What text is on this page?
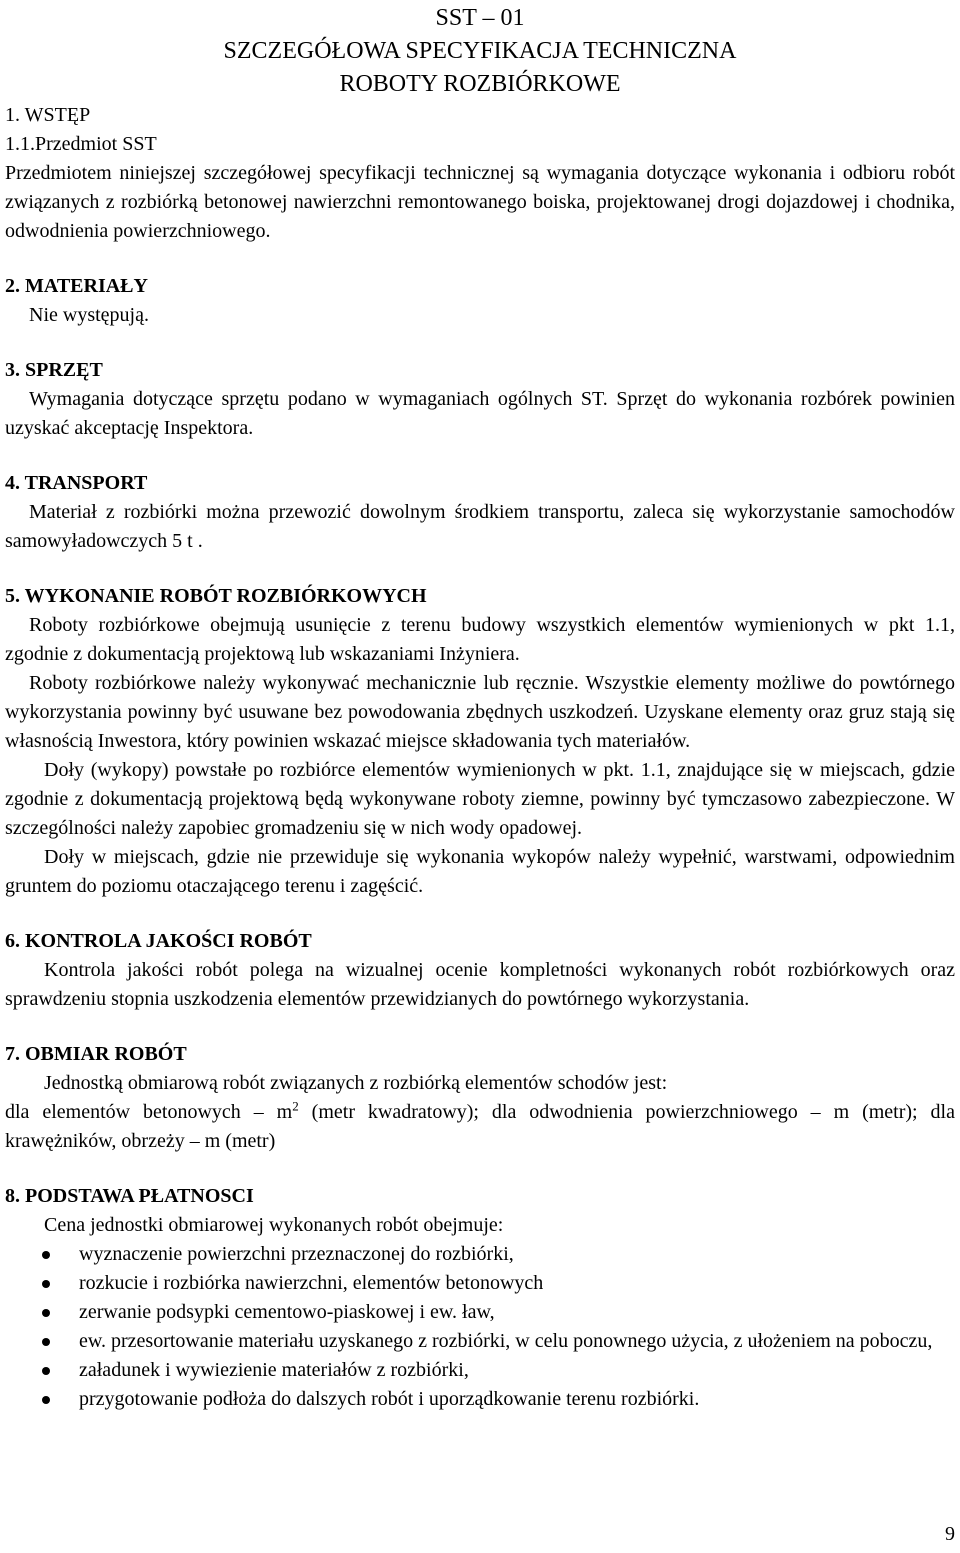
SST – 01

SZCZEGÓŁOWA SPECYFIKACJA TECHNICZNA

ROBOTY ROZBIÓRKOWE

1. WSTĘP

1.1.Przedmiot SST

Przedmiotem niniejszej szczegółowej specyfikacji technicznej są wymagania dotyczące wykonania i odbioru robót związanych z rozbiórką betonowej nawierzchni remontowanego boiska, projektowanej drogi dojazdowej i chodnika, odwodnienia powierzchniowego.

2. MATERIAŁY

Nie występują.

3. SPRZĘT

Wymagania dotyczące sprzętu podano w wymaganiach ogólnych ST. Sprzęt do wykonania rozbórek powinien uzyskać akceptację Inspektora.

4. TRANSPORT

Materiał z rozbiórki można przewozić dowolnym środkiem transportu, zaleca się wykorzystanie samochodów samowyładowczych 5 t .

5. WYKONANIE ROBÓT ROZBIÓRKOWYCH

Roboty rozbiórkowe obejmują usunięcie z terenu budowy wszystkich elementów wymienionych w pkt 1.1, zgodnie z dokumentacją projektową lub wskazaniami Inżyniera.

Roboty rozbiórkowe należy wykonywać mechanicznie lub ręcznie. Wszystkie elementy możliwe do powtórnego wykorzystania powinny być usuwane bez powodowania zbędnych uszkodzeń. Uzyskane elementy oraz gruz stają się własnością Inwestora, który powinien wskazać miejsce składowania tych materiałów.

Doły (wykopy) powstałe po rozbiórce elementów wymienionych w pkt. 1.1, znajdujące się w miejscach, gdzie zgodnie z dokumentacją projektową będą wykonywane roboty ziemne, powinny być tymczasowo zabezpieczone. W szczególności należy zapobiec gromadzeniu się w nich wody opadowej.

Doły w miejscach, gdzie nie przewiduje się wykonania wykopów należy wypełnić, warstwami, odpowiednim gruntem do poziomu otaczającego terenu i zagęścić.

6. KONTROLA JAKOŚCI ROBÓT

Kontrola jakości robót polega na wizualnej ocenie kompletności wykonanych robót rozbiórkowych oraz sprawdzeniu stopnia uszkodzenia elementów przewidzianych do powtórnego wykorzystania.

7. OBMIAR ROBÓT

Jednostką obmiarową robót związanych z rozbiórką elementów schodów jest:

dla elementów betonowych – $m^2$ (metr kwadratowy); dla odwodnienia powierzchniowego – m (metr); dla krawężników, obrzeży – m (metr)

8. PODSTAWA PŁATNOSCI

Cena jednostki obmiarowej wykonanych robót obejmuje:

wyznaczenie powierzchni przeznaczonej do rozbiórki,
rozkucie i rozbiórka nawierzchni, elementów betonowych
zerwanie podsypki cementowo-piaskowej i ew. ław,
ew. przesortowanie materiału uzyskanego z rozbiórki, w celu ponownego użycia, z ułożeniem na poboczu,
załadunek i wywiezienie materiałów z rozbiórki,
przygotowanie podłoża do dalszych robót i uporządkowanie terenu rozbiórki.
9
